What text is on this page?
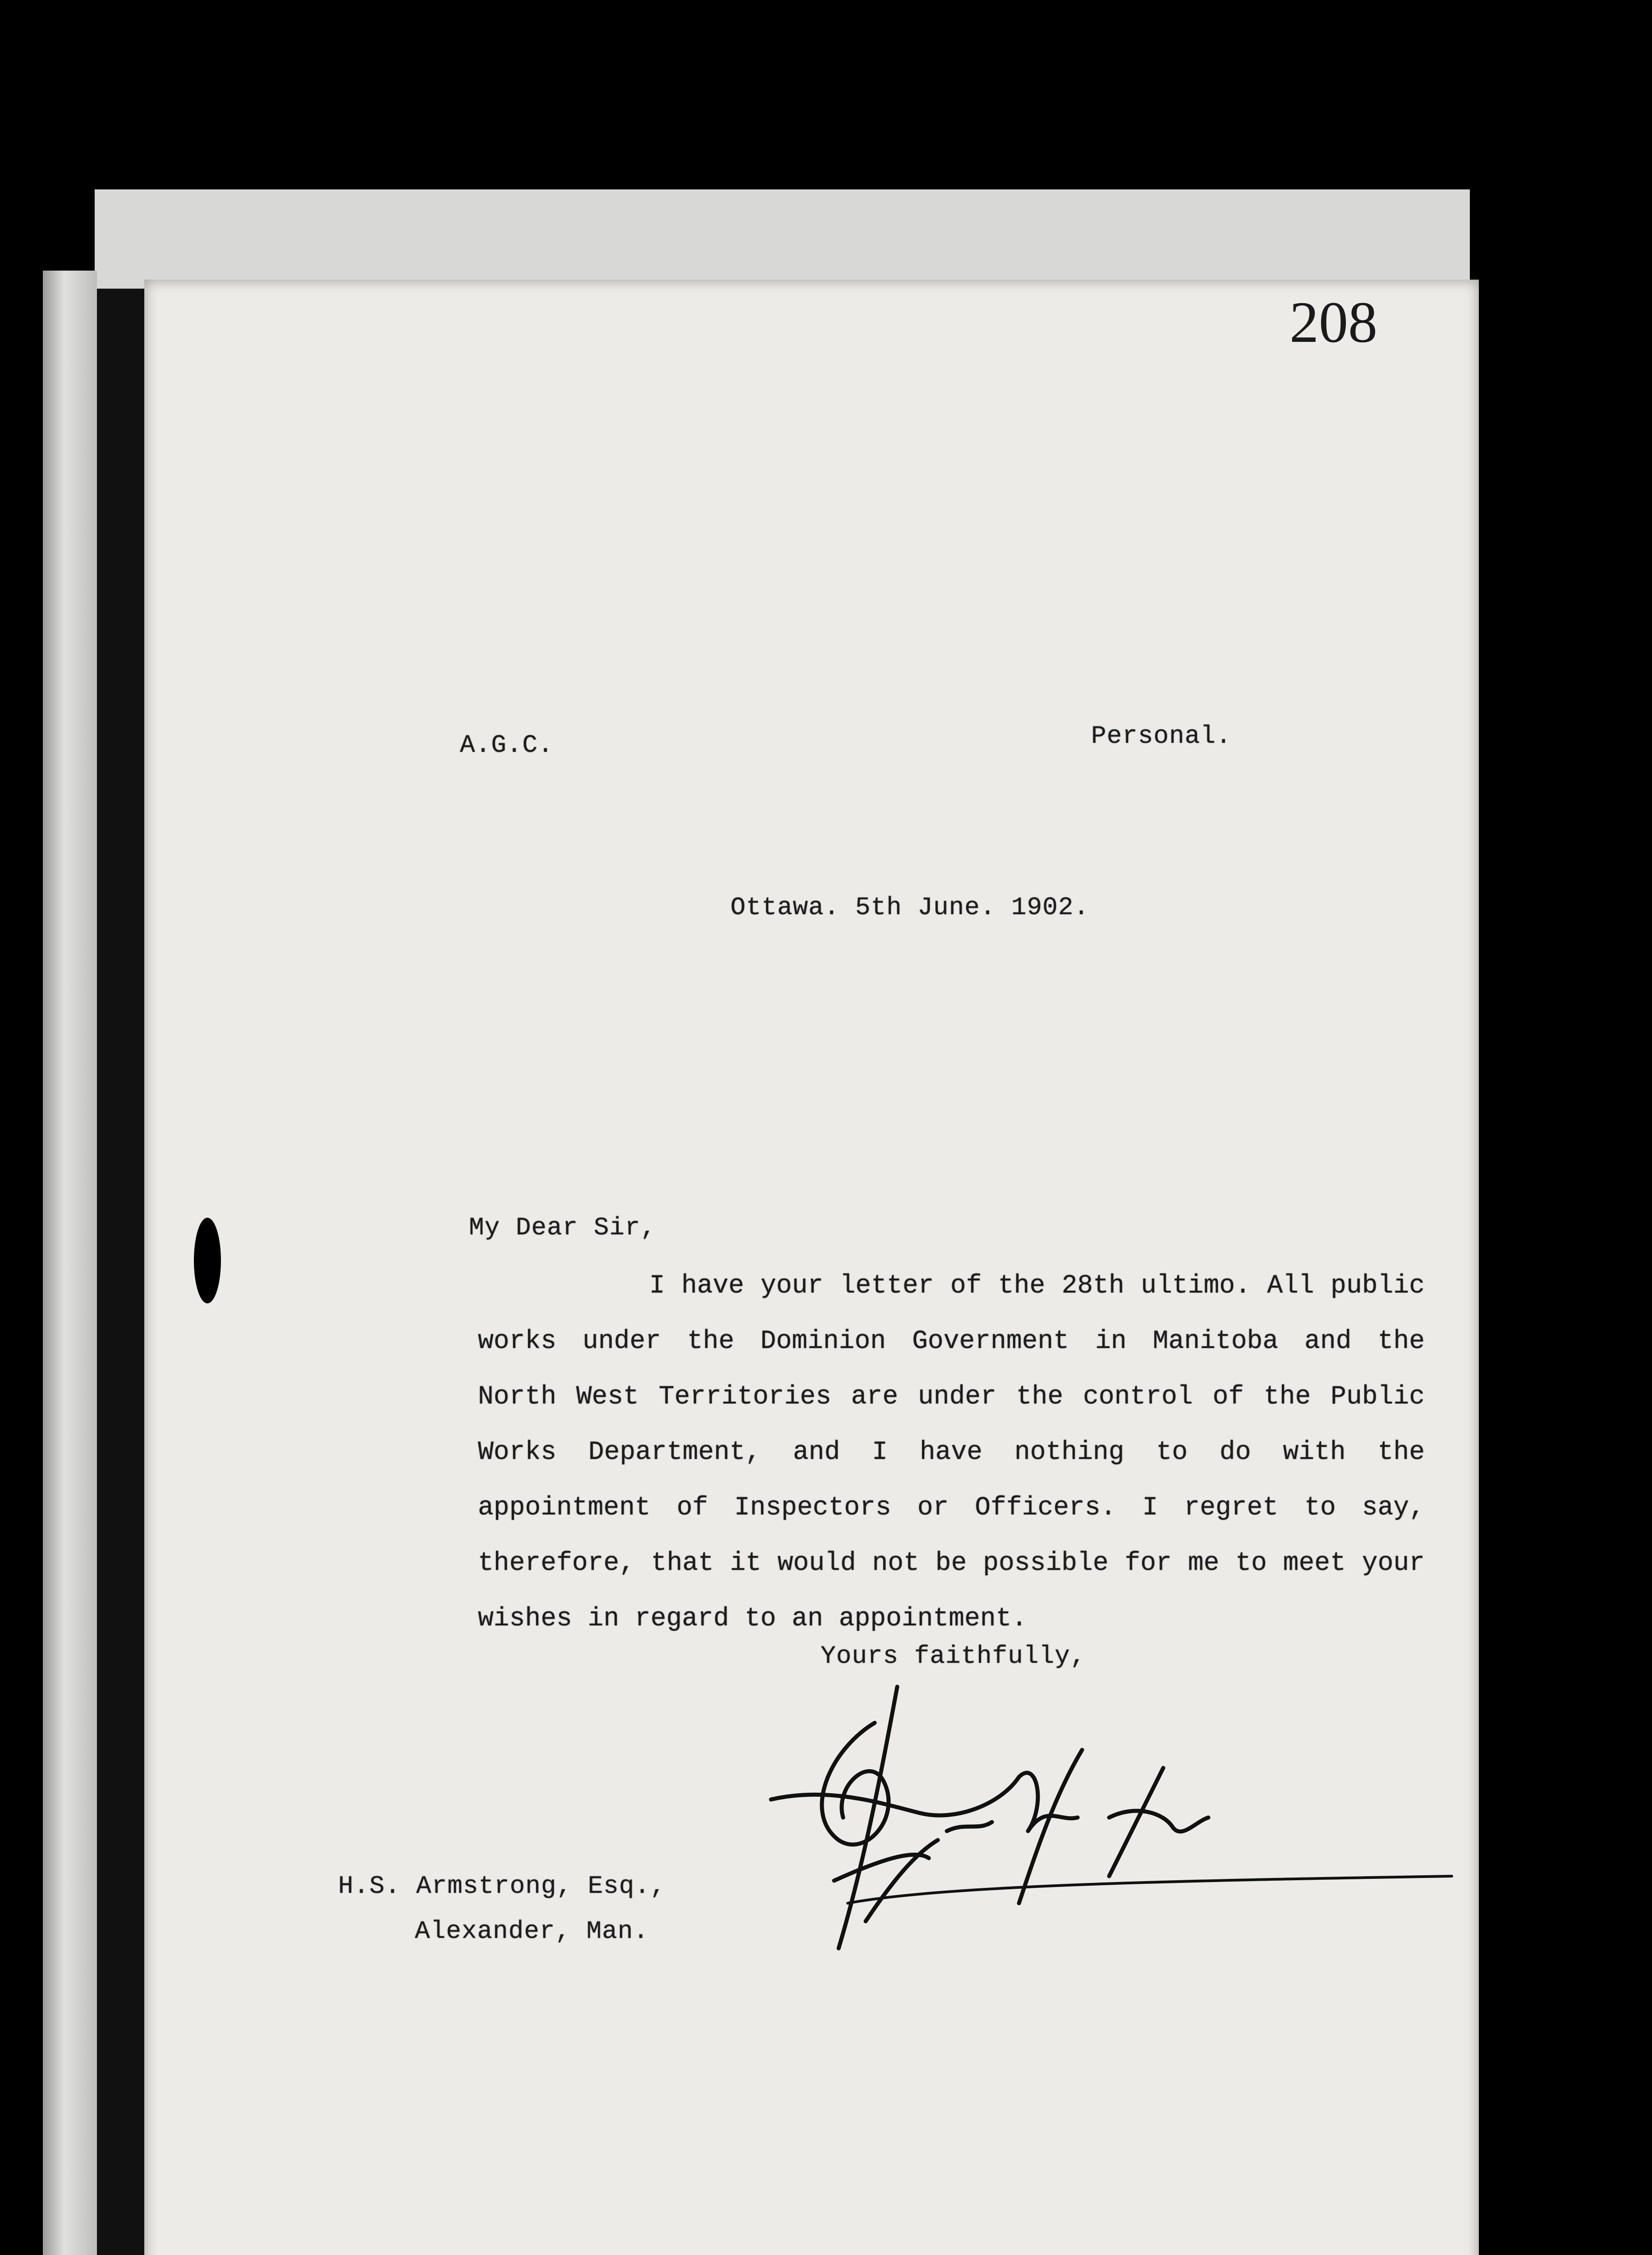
208
A.G.C.	Personal.
Ottawa. 5th June. 1902.
My Dear Sir,
I have your letter of the 28th ultimo. All public works under the Dominion Government in Manitoba and the North West Territories are under the control of the Public Works Department, and I have nothing to do with the appointment of Inspectors or Officers. I regret to say, therefore, that it would not be possible for me to meet your wishes in regard to an appointment.
Yours faithfully,
H.S. Armstrong, Esq.,
Alexander, Man.
